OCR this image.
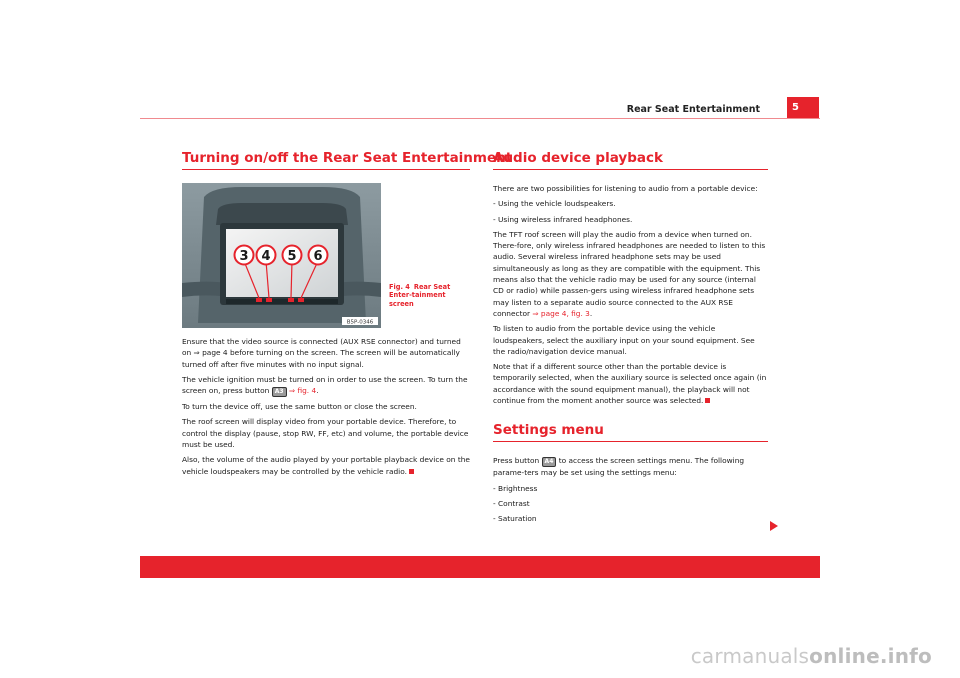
Rear Seat Entertainment	5
Turning on/off the Rear Seat Entertainment
3 4 5 6
B5P-0346
Fig. 4 Rear Seat Enter-tainment screen

Ensure that the video source is connected (AUX RSE connector) and turned on ⇒ page 4 before turning on the screen. The screen will be automatically turned off after five minutes with no input signal.

The vehicle ignition must be turned on in order to use the screen. To turn the screen on, press button A3 ⇒ fig. 4.

To turn the device off, use the same button or close the screen.

The roof screen will display video from your portable device. Therefore, to control the display (pause, stop RW, FF, etc) and volume, the portable device must be used.

Also, the volume of the audio played by your portable playback device on the vehicle loudspeakers may be controlled by the vehicle radio.

Audio device playback

There are two possibilities for listening to audio from a portable device:

- Using the vehicle loudspeakers.

- Using wireless infrared headphones.

The TFT roof screen will play the audio from a device when turned on. There-fore, only wireless infrared headphones are needed to listen to this audio. Several wireless infrared headphone sets may be used simultaneously as long as they are compatible with the equipment. This means also that the vehicle radio may be used for any source (internal CD or radio) while passen-gers using wireless infrared headphone sets may listen to a separate audio source connected to the AUX RSE connector ⇒ page 4, fig. 3.

To listen to audio from the portable device using the vehicle loudspeakers, select the auxiliary input on your sound equipment. See the radio/navigation device manual.

Note that if a different source other than the portable device is temporarily selected, when the auxiliary source is selected once again (in accordance with the sound equipment manual), the playback will not continue from the moment another source was selected.

Settings menu

Press button A4 to access the screen settings menu. The following parame-ters may be set using the settings menu:

- Brightness

- Contrast

- Saturation

carmanualsonline.info
